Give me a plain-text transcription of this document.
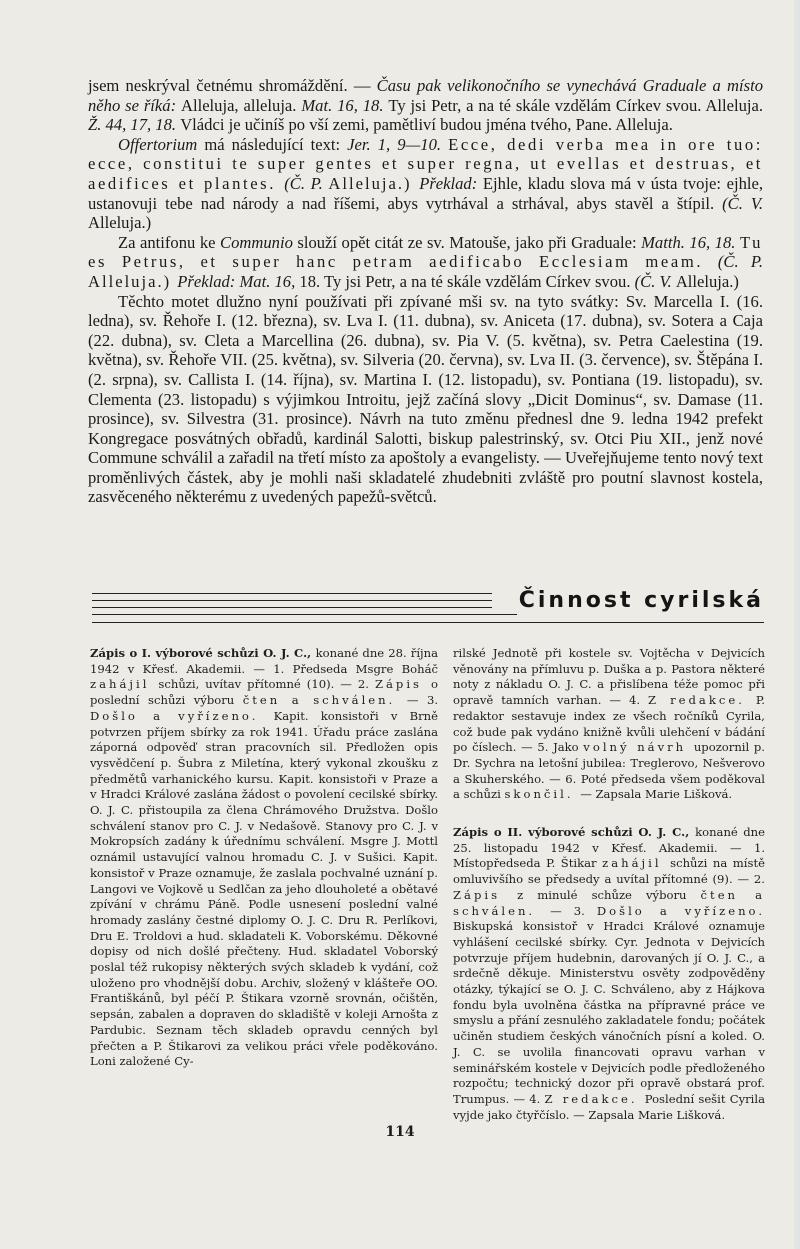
jsem neskrýval četnému shromáždění. — Času pak velikonočního se vynechává Graduale a místo něho se říká: Alleluja, alleluja. Mat. 16, 18. Ty jsi Petr, a na té skále vzdělám Církev svou. Alleluja. Ž. 44, 17, 18. Vládci je učiníš po vší zemi, pamětliví budou jména tvého, Pane. Alleluja.

Offertorium má následující text: Jer. 1, 9—10. Ecce, dedi verba mea in ore tuo: ecce, constitui te super gentes et super regna, ut evellas et destruas, et aedifices et plantes. (Č. P. Alleluja.) Překlad: Ejhle, kladu slova má v ústa tvoje: ejhle, ustanovuji tebe nad národy a nad říšemi, abys vytrhával a strhával, abys stavěl a štípil. (Č. V. Alleluja.)

Za antifonu ke Communio slouží opět citát ze sv. Matouše, jako při Graduale: Matth. 16, 18. Tu es Petrus, et super hanc petram aedificabo Ecclesiam meam. (Č. P. Alleluja.) Překlad: Mat. 16, 18. Ty jsi Petr, a na té skále vzdělám Církev svou. (Č. V. Alleluja.)

Těchto motet dlužno nyní používati při zpívané mši sv. na tyto svátky: Sv. Marcella I. (16. ledna), sv. Řehoře I. (12. března), sv. Lva I. (11. dubna), sv. Aniceta (17. dubna), sv. Sotera a Caja (22. dubna), sv. Cleta a Marcellina (26. dubna), sv. Pia V. (5. května), sv. Petra Caelestina (19. května), sv. Řehoře VII. (25. května), sv. Silveria (20. června), sv. Lva II. (3. července), sv. Štěpána I. (2. srpna), sv. Callista I. (14. října), sv. Martina I. (12. listopadu), sv. Pontiana (19. listopadu), sv. Clementa (23. listopadu) s výjimkou Introitu, jejž začíná slovy „Dicit Dominus“, sv. Damase (11. prosince), sv. Silvestra (31. prosince). Návrh na tuto změnu přednesl dne 9. ledna 1942 prefekt Kongregace posvátných obřadů, kardinál Salotti, biskup palestrinský, sv. Otci Piu XII., jenž nové Commune schválil a zařadil na třetí místo za apoštoly a evangelisty. — Uveřejňujeme tento nový text proměnlivých částek, aby je mohli naši skladatelé zhudebniti zvláště pro poutní slavnost kostela, zasvěceného některému z uvedených papežů-světců.

Činnost cyrilská

Zápis o I. výborové schůzi O. J. C., konané dne 28. října 1942 v Křesť. Akademii. — 1. Předseda Msgre Boháč zahájil schůzi, uvítav přítomné (10). — 2. Zápis o poslední schůzi výboru čten a schválen. — 3. Došlo a vyřízeno. Kapit. konsistoři v Brně potvrzen příjem sbírky za rok 1941. Úřadu práce zaslána záporná odpověď stran pracovních sil. Předložen opis vysvědčení p. Šubra z Miletína, který vykonal zkoušku z předmětů varhanického kursu. Kapit. konsistoři v Praze a v Hradci Králové zaslána žádost o povolení cecilské sbírky. O. J. C. přistoupila za člena Chrámového Družstva. Došlo schválení stanov pro C. J. v Nedašově. Stanovy pro C. J. v Mokropsích zadány k úřednímu schválení. Msgre J. Mottl oznámil ustavující valnou hromadu C. J. v Sušici. Kapit. konsistoř v Praze oznamuje, že zaslala pochvalné uznání p. Langovi ve Vojkově u Sedlčan za jeho dlouholeté a obětavé zpívání v chrámu Páně. Podle usnesení poslední valné hromady zaslány čestné diplomy O. J. C. Dru R. Perlíkovi, Dru E. Troldovi a hud. skladateli K. Voborskému. Děkovné dopisy od nich došlé přečteny. Hud. skladatel Voborský poslal též rukopisy některých svých skladeb k vydání, což uloženo pro vhodnější dobu. Archiv, složený v klášteře OO. Františkánů, byl péčí P. Štikara vzorně srovnán, očištěn, sepsán, zabalen a dopraven do skladiště v koleji Arnošta z Pardubic. Seznam těch skladeb opravdu cenných byl přečten a P. Štikarovi za velikou práci vřele poděkováno. Loni založené Cy-

rilské Jednotě při kostele sv. Vojtěcha v Dejvicích věnovány na přímluvu p. Duška a p. Pastora některé noty z nákladu O. J. C. a přislíbena téže pomoc při opravě tamních varhan. — 4. Z redakce. P. redaktor sestavuje index ze všech ročníků Cyrila, což bude pak vydáno knižně kvůli ulehčení v bádání po číslech. — 5. Jako volný návrh upozornil p. Dr. Sychra na letošní jubilea: Treglerovo, Nešverovo a Skuherského. — 6. Poté předseda všem poděkoval a schůzi skončil. — Zapsala Marie Lišková.

Zápis o II. výborové schůzi O. J. C., konané dne 25. listopadu 1942 v Křesť. Akademii. — 1. Místopředseda P. Štikar zahájil schůzi na místě omluvivšího se předsedy a uvítal přítomné (9). — 2. Zápis z minulé schůze výboru čten a schválen. — 3. Došlo a vyřízeno. Biskupská konsistoř v Hradci Králové oznamuje vyhlášení cecilské sbírky. Cyr. Jednota v Dejvicích potvrzuje příjem hudebnin, darovaných jí O. J. C., a srdečně děkuje. Ministerstvu osvěty zodpověděny otázky, týkající se O. J. C. Schváleno, aby z Hájkova fondu byla uvolněna částka na přípravné práce ve smyslu a přání zesnulého zakladatele fondu; počátek učiněn studiem českých vánočních písní a koled. O. J. C. se uvolila financovati opravu varhan v seminářském kostele v Dejvicích podle předloženého rozpočtu; technický dozor při opravě obstará prof. Trumpus. — 4. Z redakce. Poslední sešit Cyrila vyjde jako čtyřčíslo. — Zapsala Marie Lišková.

114
